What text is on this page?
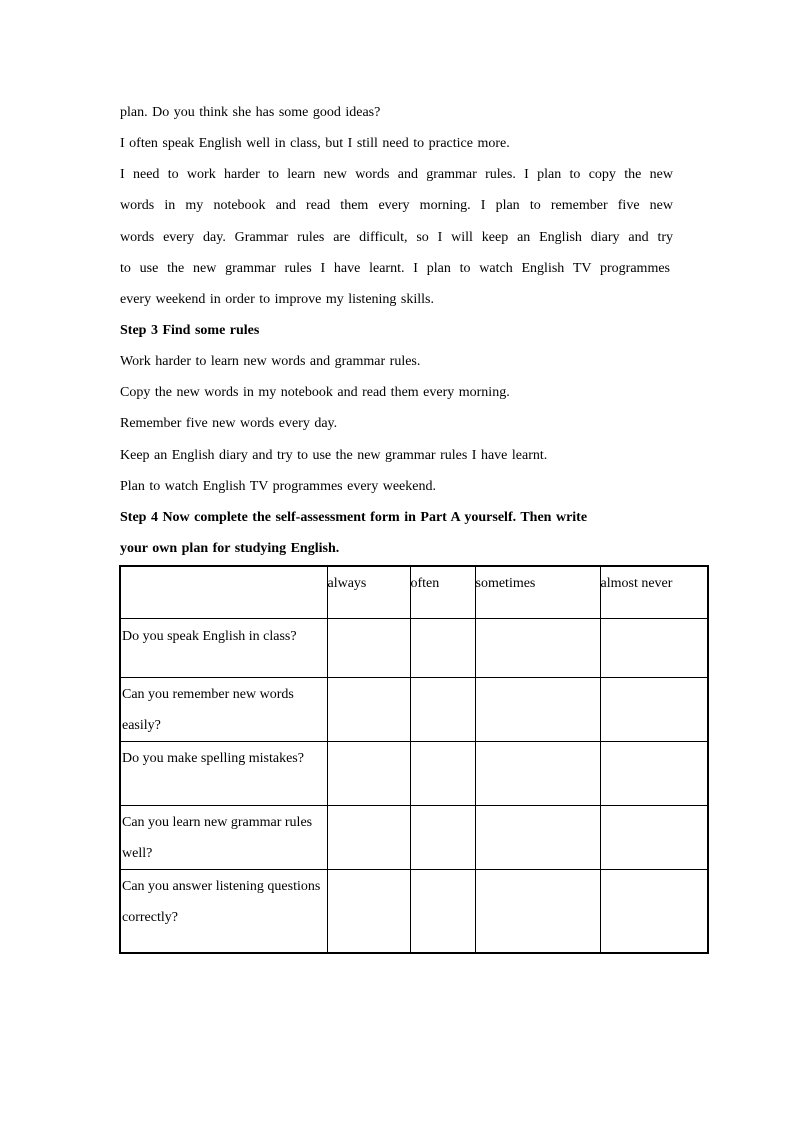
plan. Do you think she has some good ideas?
I often speak English well in class, but I still need to practice more.
I need to work harder to learn new words and grammar rules. I plan to copy the new
words in my notebook and read them every morning. I plan to remember five new
words every day. Grammar rules are difficult, so I will keep an English diary and try
to use the new grammar rules I have learnt. I plan to watch English TV programmes
every weekend in order to improve my listening skills.
Step 3 Find some rules
Work harder to learn new words and grammar rules.
Copy the new words in my notebook and read them every morning.
Remember five new words every day.
Keep an English diary and try to use the new grammar rules I have learnt.
Plan to watch English TV programmes every weekend.
Step 4 Now complete the self-assessment form in Part A yourself. Then write
your own plan for studying English.
	always	often	sometimes	almost never
Do you speak English in class?				
Can you remember new words easily?				
Do you make spelling mistakes?				
Can you learn new grammar rules well?				
Can you answer listening questions correctly?				
